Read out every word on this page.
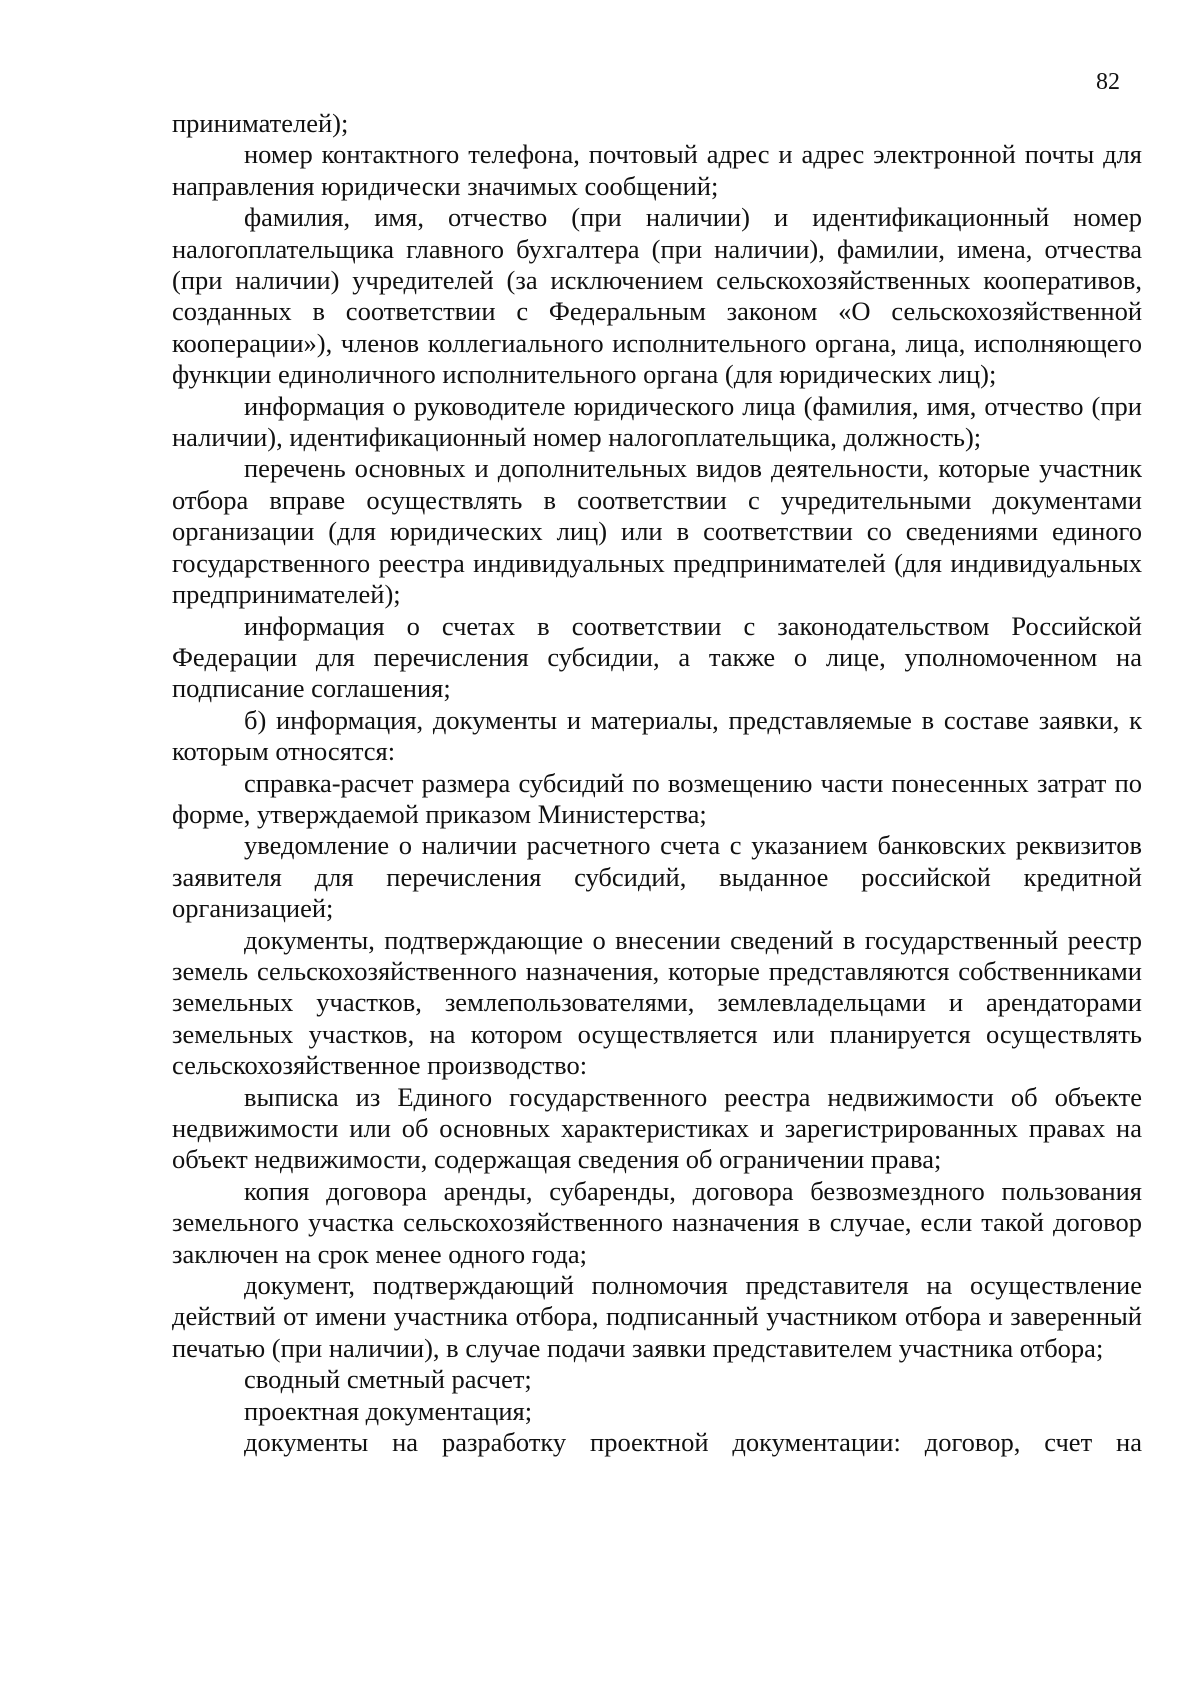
82

принимателей);

номер контактного телефона, почтовый адрес и адрес электронной почты для направления юридически значимых сообщений;

фамилия, имя, отчество (при наличии) и идентификационный номер налогоплательщика главного бухгалтера (при наличии), фамилии, имена, отчества (при наличии) учредителей (за исключением сельскохозяйственных кооперативов, созданных в соответствии с Федеральным законом «О сельскохозяйственной кооперации»), членов коллегиального исполнительного органа, лица, исполняющего функции единоличного исполнительного органа (для юридических лиц);

информация о руководителе юридического лица (фамилия, имя, отчество (при наличии), идентификационный номер налогоплательщика, должность);

перечень основных и дополнительных видов деятельности, которые участник отбора вправе осуществлять в соответствии с учредительными документами организации (для юридических лиц) или в соответствии со сведениями единого государственного реестра индивидуальных предпринимателей (для индивидуальных предпринимателей);

информация о счетах в соответствии с законодательством Российской Федерации для перечисления субсидии, а также о лице, уполномоченном на подписание соглашения;

б) информация, документы и материалы, представляемые в составе заявки, к которым относятся:

справка-расчет размера субсидий по возмещению части понесенных затрат по форме, утверждаемой приказом Министерства;

уведомление о наличии расчетного счета с указанием банковских реквизитов заявителя для перечисления субсидий, выданное российской кредитной организацией;

документы, подтверждающие о внесении сведений в государственный реестр земель сельскохозяйственного назначения, которые представляются собственниками земельных участков, землепользователями, землевладельцами и арендаторами земельных участков, на котором осуществляется или планируется осуществлять сельскохозяйственное производство:

выписка из Единого государственного реестра недвижимости об объекте недвижимости или об основных характеристиках и зарегистрированных правах на объект недвижимости, содержащая сведения об ограничении права;

копия договора аренды, субаренды, договора безвозмездного пользования земельного участка сельскохозяйственного назначения в случае, если такой договор заключен на срок менее одного года;

документ, подтверждающий полномочия представителя на осуществление действий от имени участника отбора, подписанный участником отбора и заверенный печатью (при наличии), в случае подачи заявки представителем участника отбора;

сводный сметный расчет;

проектная документация;

документы на разработку проектной документации: договор, счет на
